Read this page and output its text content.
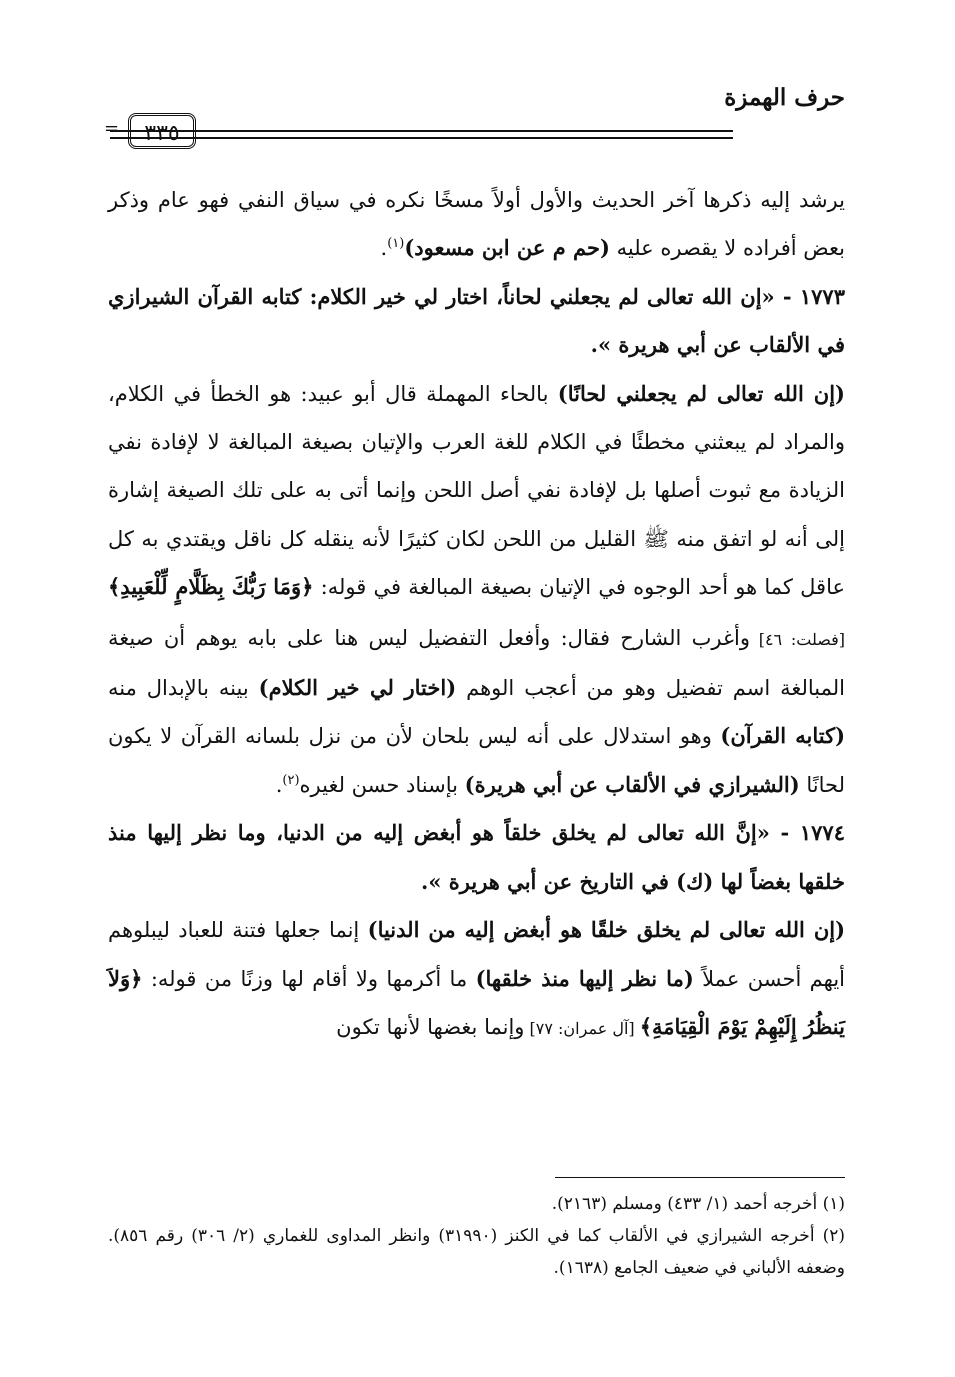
حرف الهمزة
=	٣٣٥

يرشد إليه ذكرها آخر الحديث والأول أولاً مسخًا نكره في سياق النفي فهو عام وذكر بعض أفراده لا يقصره عليه (حم م عن ابن مسعود)$^{(١)}$.

١٧٧٣ - «إن الله تعالى لم يجعلني لحاناً، اختار لي خير الكلام: كتابه القرآن الشيرازي في الألقاب عن أبي هريرة ».

(إن الله تعالى لم يجعلني لحانًا) بالحاء المهملة قال أبو عبيد: هو الخطأ في الكلام، والمراد لم يبعثني مخطئًا في الكلام للغة العرب والإتيان بصيغة المبالغة لا لإفادة نفي الزيادة مع ثبوت أصلها بل لإفادة نفي أصل اللحن وإنما أتى به على تلك الصيغة إشارة إلى أنه لو اتفق منه ﷺ القليل من اللحن لكان كثيرًا لأنه ينقله كل ناقل ويقتدي به كل عاقل كما هو أحد الوجوه في الإتيان بصيغة المبالغة في قوله: ﴿وَمَا رَبُّكَ بِظَلَّامٍ لِّلْعَبِيدِ﴾ [فصلت: ٤٦] وأغرب الشارح فقال: وأفعل التفضيل ليس هنا على بابه يوهم أن صيغة المبالغة اسم تفضيل وهو من أعجب الوهم (اختار لي خير الكلام) بينه بالإبدال منه (كتابه القرآن) وهو استدلال على أنه ليس بلحان لأن من نزل بلسانه القرآن لا يكون لحانًا (الشيرازي في الألقاب عن أبي هريرة) بإسناد حسن لغيره$^{(٢)}$.

١٧٧٤ - «إنَّ الله تعالى لم يخلق خلقاً هو أبغض إليه من الدنيا، وما نظر إليها منذ خلقها بغضاً لها (ك) في التاريخ عن أبي هريرة ».

(إن الله تعالى لم يخلق خلقًا هو أبغض إليه من الدنيا) إنما جعلها فتنة للعباد ليبلوهم أيهم أحسن عملاً (ما نظر إليها منذ خلقها) ما أكرمها ولا أقام لها وزنًا من قوله: ﴿وَلاَ يَنظُرُ إِلَيْهِمْ يَوْمَ الْقِيَامَةِ﴾ [آل عمران: ٧٧] وإنما بغضها لأنها تكون

(١) أخرجه أحمد (١/ ٤٣٣) ومسلم (٢١٦٣).

(٢) أخرجه الشيرازي في الألقاب كما في الكنز (٣١٩٩٠) وانظر المداوى للغماري (٢/ ٣٠٦) رقم ٨٥٦). وضعفه الألباني في ضعيف الجامع (١٦٣٨).
